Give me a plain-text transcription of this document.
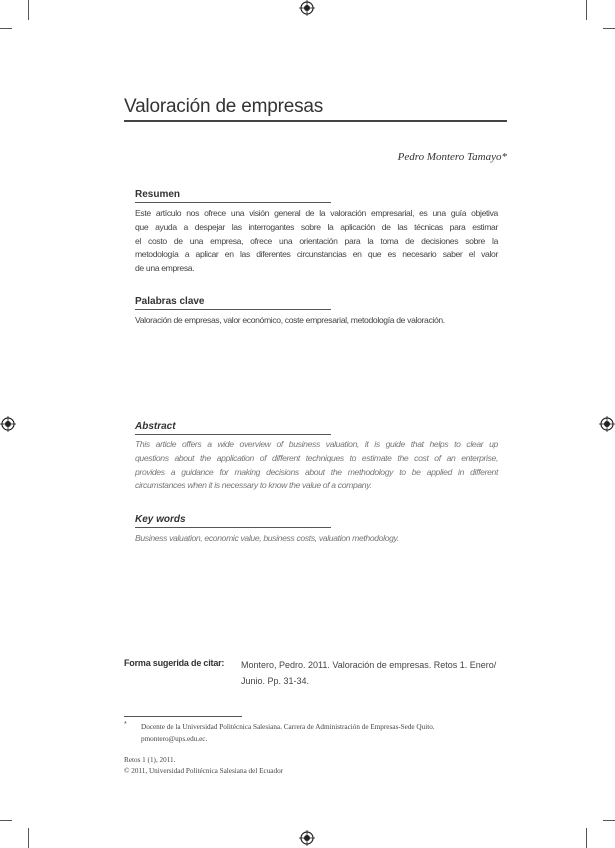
Valoración de empresas
Pedro Montero Tamayo*
Resumen
Este artículo nos ofrece una visión general de la valoración empresarial, es una guía objetiva
que ayuda a despejar las interrogantes sobre la aplicación de las técnicas para estimar
el costo de una empresa, ofrece una orientación para la toma de decisiones sobre la
metodología a aplicar en las diferentes circunstancias en que es necesario saber el valor
de una empresa.
Palabras clave
Valoración de empresas, valor económico, coste empresarial, metodología de valoración.
Abstract
This article offers a wide overview of business valuation, it is guide that helps to clear up
questions about the application of different techniques to estimate the cost of an enterprise,
provides a guidance for making decisions about the methodology to be applied in different
circumstances when it is necessary to know the value of a company.
Key words
Business valuation, economic value, business costs, valuation methodology.
Forma sugerida de citar: Montero, Pedro. 2011. Valoración de empresas. Retos 1. Enero/
Junio. Pp. 31-34.
* Docente de la Universidad Politécnica Salesiana. Carrera de Administración de Empresas-Sede Quito.
pmontero@ups.edu.ec.
Retos 1 (1), 2011.
© 2011, Universidad Politécnica Salesiana del Ecuador
